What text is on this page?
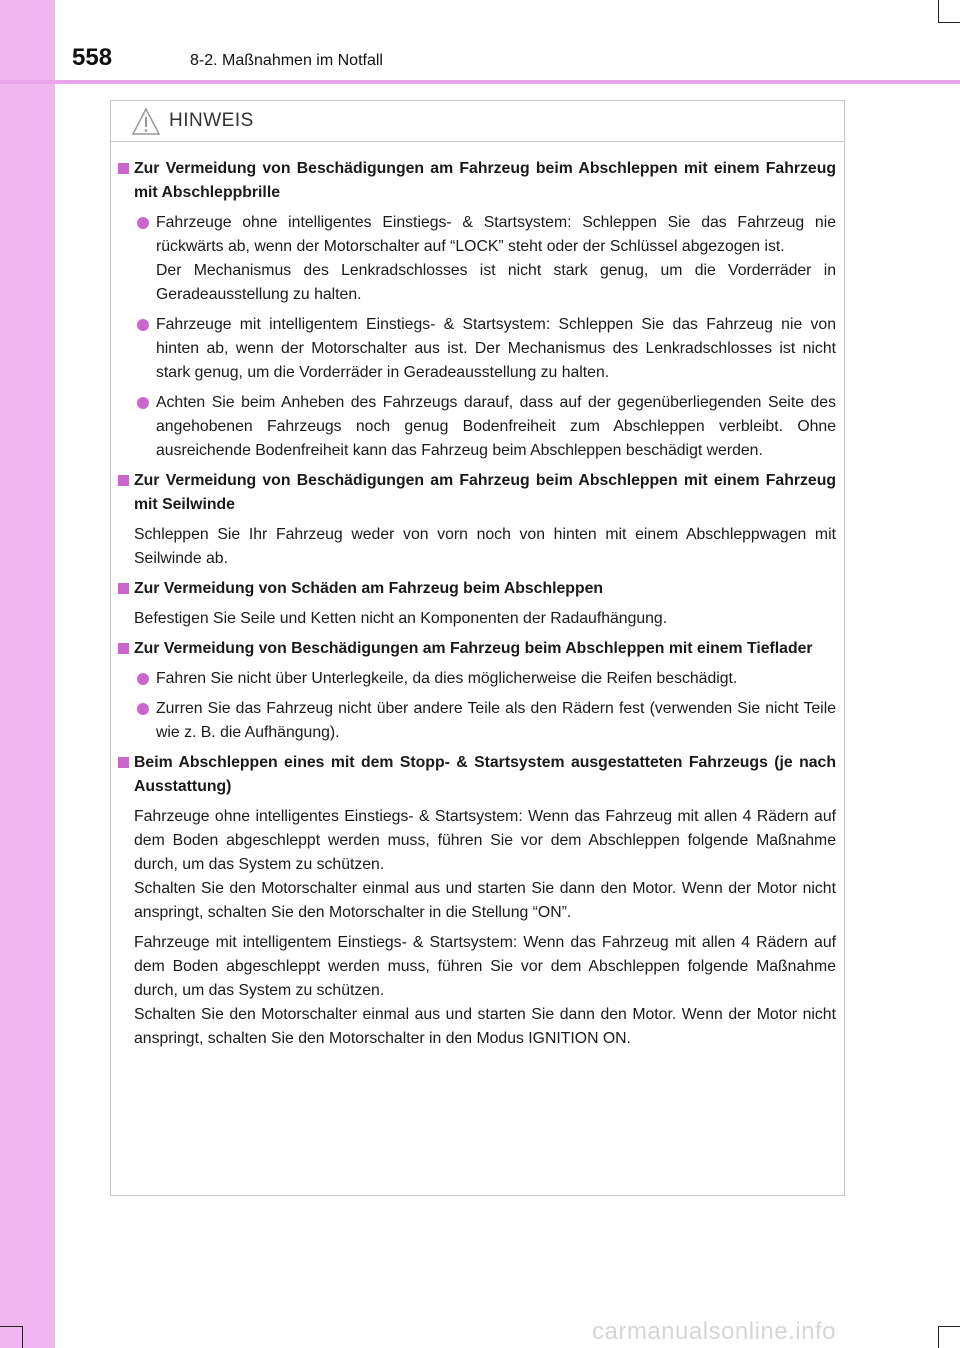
558	8-2. Maßnahmen im Notfall
HINWEIS
Zur Vermeidung von Beschädigungen am Fahrzeug beim Abschleppen mit einem Fahrzeug mit Abschleppbrille
Fahrzeuge ohne intelligentes Einstiegs- & Startsystem: Schleppen Sie das Fahrzeug nie rückwärts ab, wenn der Motorschalter auf “LOCK” steht oder der Schlüssel abgezogen ist.
Der Mechanismus des Lenkradschlosses ist nicht stark genug, um die Vorderräder in Geradeausstellung zu halten.
Fahrzeuge mit intelligentem Einstiegs- & Startsystem: Schleppen Sie das Fahrzeug nie von hinten ab, wenn der Motorschalter aus ist. Der Mechanismus des Lenkradschlosses ist nicht stark genug, um die Vorderräder in Geradeausstellung zu halten.
Achten Sie beim Anheben des Fahrzeugs darauf, dass auf der gegenüberliegenden Seite des angehobenen Fahrzeugs noch genug Bodenfreiheit zum Abschleppen verbleibt. Ohne ausreichende Bodenfreiheit kann das Fahrzeug beim Abschleppen beschädigt werden.
Zur Vermeidung von Beschädigungen am Fahrzeug beim Abschleppen mit einem Fahrzeug mit Seilwinde
Schleppen Sie Ihr Fahrzeug weder von vorn noch von hinten mit einem Abschleppwagen mit Seilwinde ab.
Zur Vermeidung von Schäden am Fahrzeug beim Abschleppen
Befestigen Sie Seile und Ketten nicht an Komponenten der Radaufhängung.
Zur Vermeidung von Beschädigungen am Fahrzeug beim Abschleppen mit einem Tieflader
Fahren Sie nicht über Unterlegkeile, da dies möglicherweise die Reifen beschädigt.
Zurren Sie das Fahrzeug nicht über andere Teile als den Rädern fest (verwenden Sie nicht Teile wie z. B. die Aufhängung).
Beim Abschleppen eines mit dem Stopp- & Startsystem ausgestatteten Fahrzeugs (je nach Ausstattung)
Fahrzeuge ohne intelligentes Einstiegs- & Startsystem: Wenn das Fahrzeug mit allen 4 Rädern auf dem Boden abgeschleppt werden muss, führen Sie vor dem Abschleppen folgende Maßnahme durch, um das System zu schützen.
Schalten Sie den Motorschalter einmal aus und starten Sie dann den Motor. Wenn der Motor nicht anspringt, schalten Sie den Motorschalter in die Stellung “ON”.
Fahrzeuge mit intelligentem Einstiegs- & Startsystem: Wenn das Fahrzeug mit allen 4 Rädern auf dem Boden abgeschleppt werden muss, führen Sie vor dem Abschleppen folgende Maßnahme durch, um das System zu schützen.
Schalten Sie den Motorschalter einmal aus und starten Sie dann den Motor. Wenn der Motor nicht anspringt, schalten Sie den Motorschalter in den Modus IGNITION ON.
carmanualsonline.info
